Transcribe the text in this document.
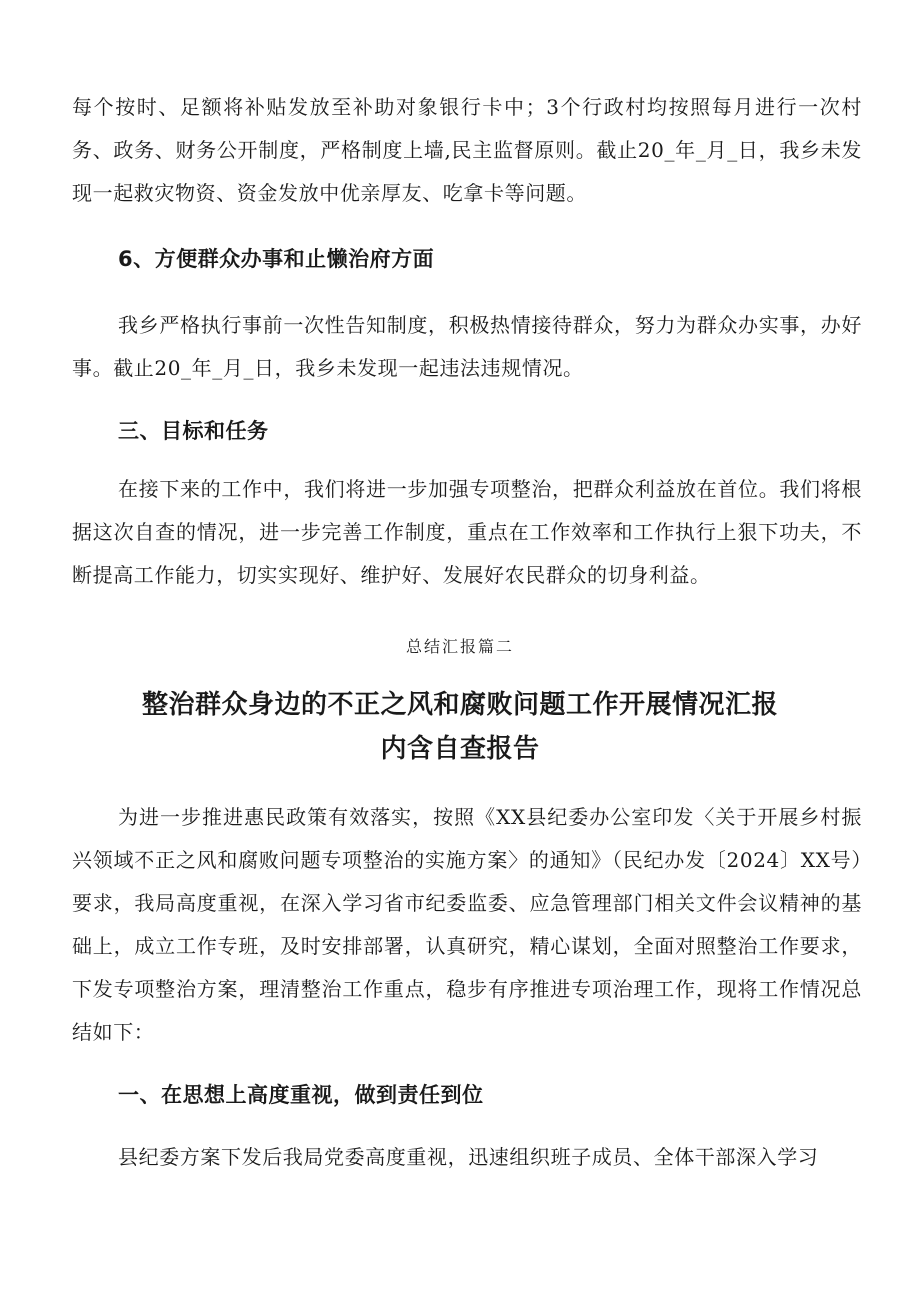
每个按时、足额将补贴发放至补助对象银行卡中；3个行政村均按照每月进行一次村务、政务、财务公开制度，严格制度上墙,民主监督原则。截止20_年_月_日，我乡未发现一起救灾物资、资金发放中优亲厚友、吃拿卡等问题。

6、方便群众办事和止懒治府方面

我乡严格执行事前一次性告知制度，积极热情接待群众，努力为群众办实事，办好事。截止20_年_月_日，我乡未发现一起违法违规情况。

三、目标和任务

在接下来的工作中，我们将进一步加强专项整治，把群众利益放在首位。我们将根据这次自查的情况，进一步完善工作制度，重点在工作效率和工作执行上狠下功夫，不断提高工作能力，切实实现好、维护好、发展好农民群众的切身利益。

总结汇报篇二

整治群众身边的不正之风和腐败问题工作开展情况汇报
内含自查报告

为进一步推进惠民政策有效落实，按照《XX县纪委办公室印发〈关于开展乡村振兴领域不正之风和腐败问题专项整治的实施方案〉的通知》（民纪办发〔2024〕XX号）要求，我局高度重视，在深入学习省市纪委监委、应急管理部门相关文件会议精神的基础上，成立工作专班，及时安排部署，认真研究，精心谋划，全面对照整治工作要求，下发专项整治方案，理清整治工作重点，稳步有序推进专项治理工作，现将工作情况总结如下：

一、在思想上高度重视，做到责任到位

县纪委方案下发后我局党委高度重视，迅速组织班子成员、全体干部深入学习
